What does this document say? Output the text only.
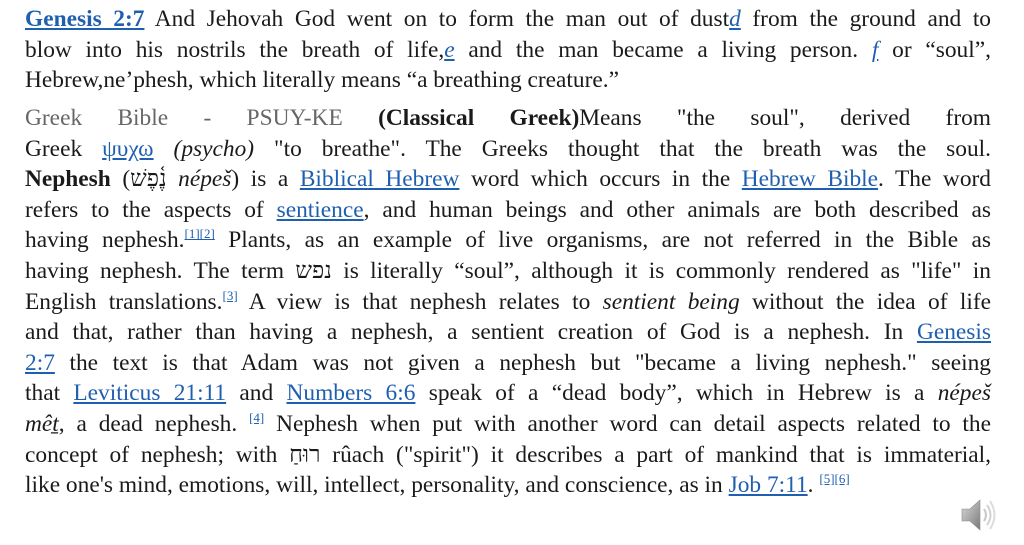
Genesis 2:7 And Jehovah God went on to form the man out of dustd from the ground and to
blow into his nostrils the breath of life,e and the man became a living person. f or “soul”,
Hebrew,ne’phesh, which literally means “a breathing creature.”
Greek Bible - PSUY-KE (Classical Greek)Means "the soul", derived from
Greek ψυχω (psycho) "to breathe". The Greeks thought that the breath was the soul.
Nephesh (נֶ֫פֶשׁ népeš) is a Biblical Hebrew word which occurs in the Hebrew Bible. The word
refers to the aspects of sentience, and human beings and other animals are both described as
having nephesh.[1][2] Plants, as an example of live organisms, are not referred in the Bible as
having nephesh. The term נפש is literally “soul”, although it is commonly rendered as "life" in
English translations.[3] A view is that nephesh relates to sentient being without the idea of life
and that, rather than having a nephesh, a sentient creation of God is a nephesh. In Genesis
2:7 the text is that Adam was not given a nephesh but "became a living nephesh." seeing
that Leviticus 21:11 and Numbers 6:6 speak of a “dead body”, which in Hebrew is a népeš
mêṯ, a dead nephesh. [4] Nephesh when put with another word can detail aspects related to the
concept of nephesh; with רוּחַ rûach ("spirit") it describes a part of mankind that is immaterial,
like one's mind, emotions, will, intellect, personality, and conscience, as in Job 7:11. [5][6]
